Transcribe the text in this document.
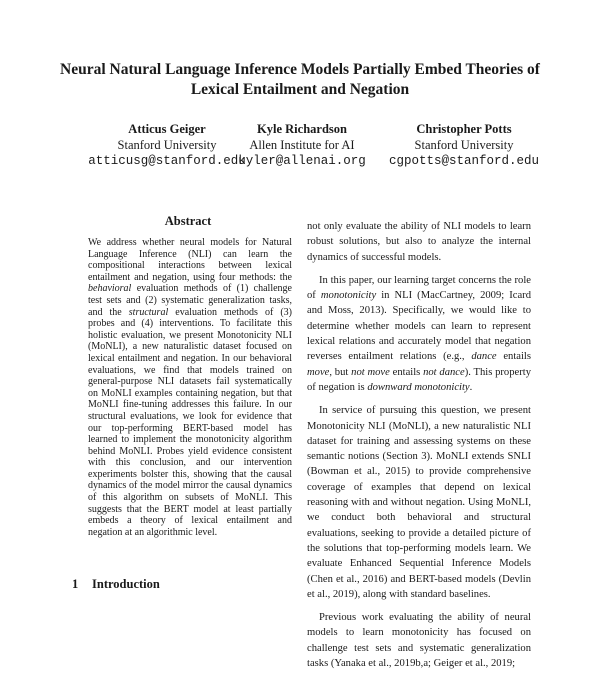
Neural Natural Language Inference Models Partially Embed Theories of Lexical Entailment and Negation
Atticus Geiger
Stanford University
atticusg@stanford.edu
Kyle Richardson
Allen Institute for AI
kyler@allenai.org
Christopher Potts
Stanford University
cgpotts@stanford.edu
Abstract

We address whether neural models for Natural Language Inference (NLI) can learn the compositional interactions between lexical entailment and negation, using four methods: the behavioral evaluation methods of (1) challenge test sets and (2) systematic generalization tasks, and the structural evaluation methods of (3) probes and (4) interventions. To facilitate this holistic evaluation, we present Monotonicity NLI (MoNLI), a new naturalistic dataset focused on lexical entailment and negation. In our behavioral evaluations, we find that models trained on general-purpose NLI datasets fail systematically on MoNLI examples containing negation, but that MoNLI fine-tuning addresses this failure. In our structural evaluations, we look for evidence that our top-performing BERT-based model has learned to implement the monotonicity algorithm behind MoNLI. Probes yield evidence consistent with this conclusion, and our intervention experiments bolster this, showing that the causal dynamics of the model mirror the causal dynamics of this algorithm on subsets of MoNLI. This suggests that the BERT model at least partially embeds a theory of lexical entailment and negation at an algorithmic level.

1 Introduction

not only evaluate the ability of NLI models to learn robust solutions, but also to analyze the internal dynamics of successful models.

In this paper, our learning target concerns the role of monotonicity in NLI (MacCartney, 2009; Icard and Moss, 2013). Specifically, we would like to determine whether models can learn to represent lexical relations and accurately model that negation reverses entailment relations (e.g., dance entails move, but not move entails not dance). This property of negation is downward monotonicity.

In service of pursuing this question, we present Monotonicity NLI (MoNLI), a new naturalistic NLI dataset for training and assessing systems on these semantic notions (Section 3). MoNLI extends SNLI (Bowman et al., 2015) to provide comprehensive coverage of examples that depend on lexical reasoning with and without negation. Using MoNLI, we conduct both behavioral and structural evaluations, seeking to provide a detailed picture of the solutions that top-performing models learn. We evaluate Enhanced Sequential Inference Models (Chen et al., 2016) and BERT-based models (Devlin et al., 2019), along with standard baselines.

Previous work evaluating the ability of neural models to learn monotonicity has focused on challenge test sets and systematic generalization tasks (Yanaka et al., 2019b,a; Geiger et al., 2019;
